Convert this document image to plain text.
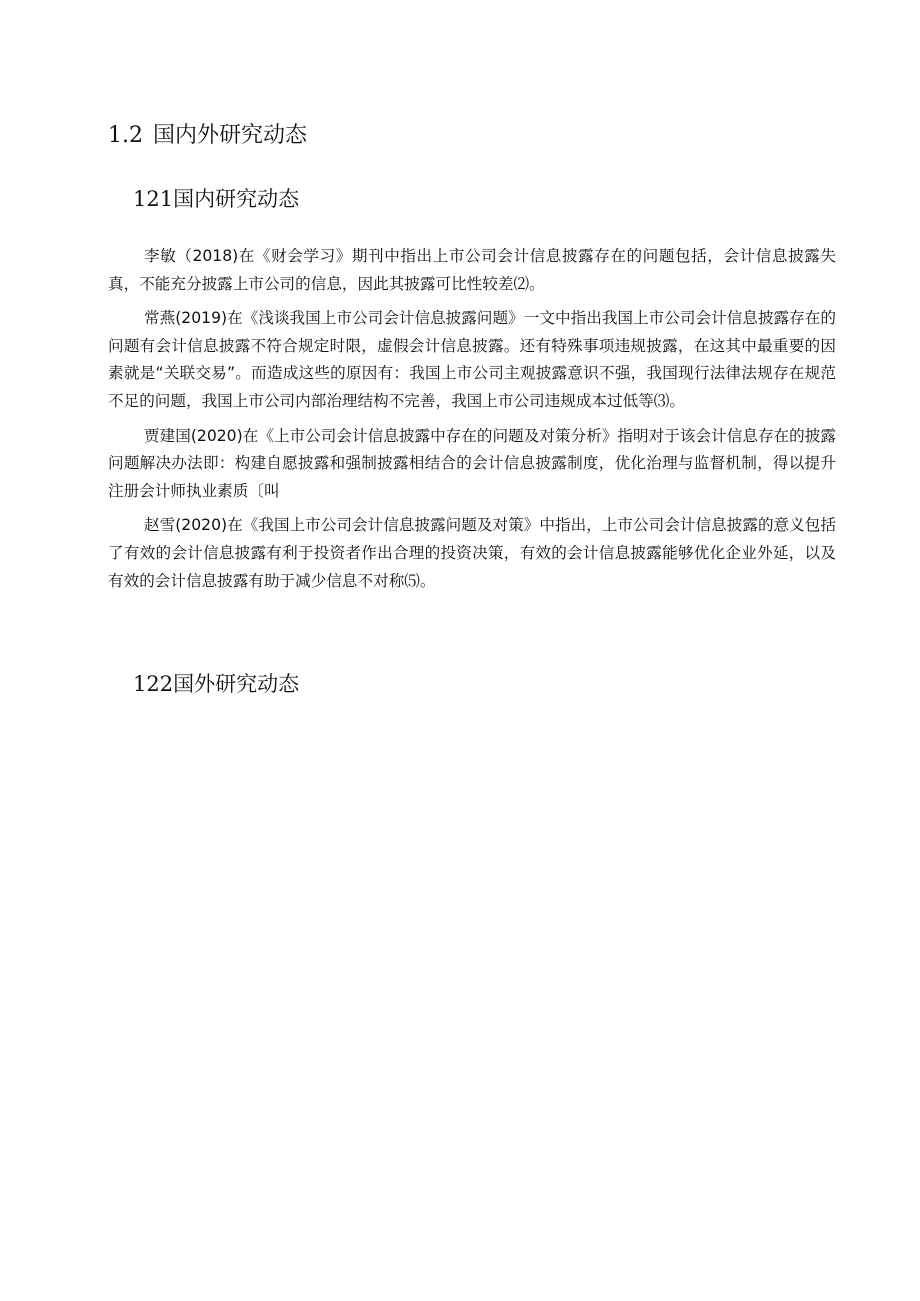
1.2 国内外研究动态
121国内研究动态

李敏（2018)在《财会学习》期刊中指出上市公司会计信息披露存在的问题包括，会计信息披露失真，不能充分披露上市公司的信息，因此其披露可比性较差⑵。

常燕(2019)在《浅谈我国上市公司会计信息披露问题》一文中指出我国上市公司会计信息披露存在的问题有会计信息披露不符合规定时限，虚假会计信息披露。还有特殊事项违规披露，在这其中最重要的因素就是“关联交易”。而造成这些的原因有：我国上市公司主观披露意识不强，我国现行法律法规存在规范不足的问题，我国上市公司内部治理结构不完善，我国上市公司违规成本过低等⑶。

贾建国(2020)在《上市公司会计信息披露中存在的问题及对策分析》指明对于该会计信息存在的披露问题解决办法即：构建自愿披露和强制披露相结合的会计信息披露制度，优化治理与监督机制，得以提升注册会计师执业素质〔叫

赵雪(2020)在《我国上市公司会计信息披露问题及对策》中指出，上市公司会计信息披露的意义包括了有效的会计信息披露有利于投资者作出合理的投资决策，有效的会计信息披露能够优化企业外延，以及有效的会计信息披露有助于减少信息不对称⑸。

122国外研究动态
